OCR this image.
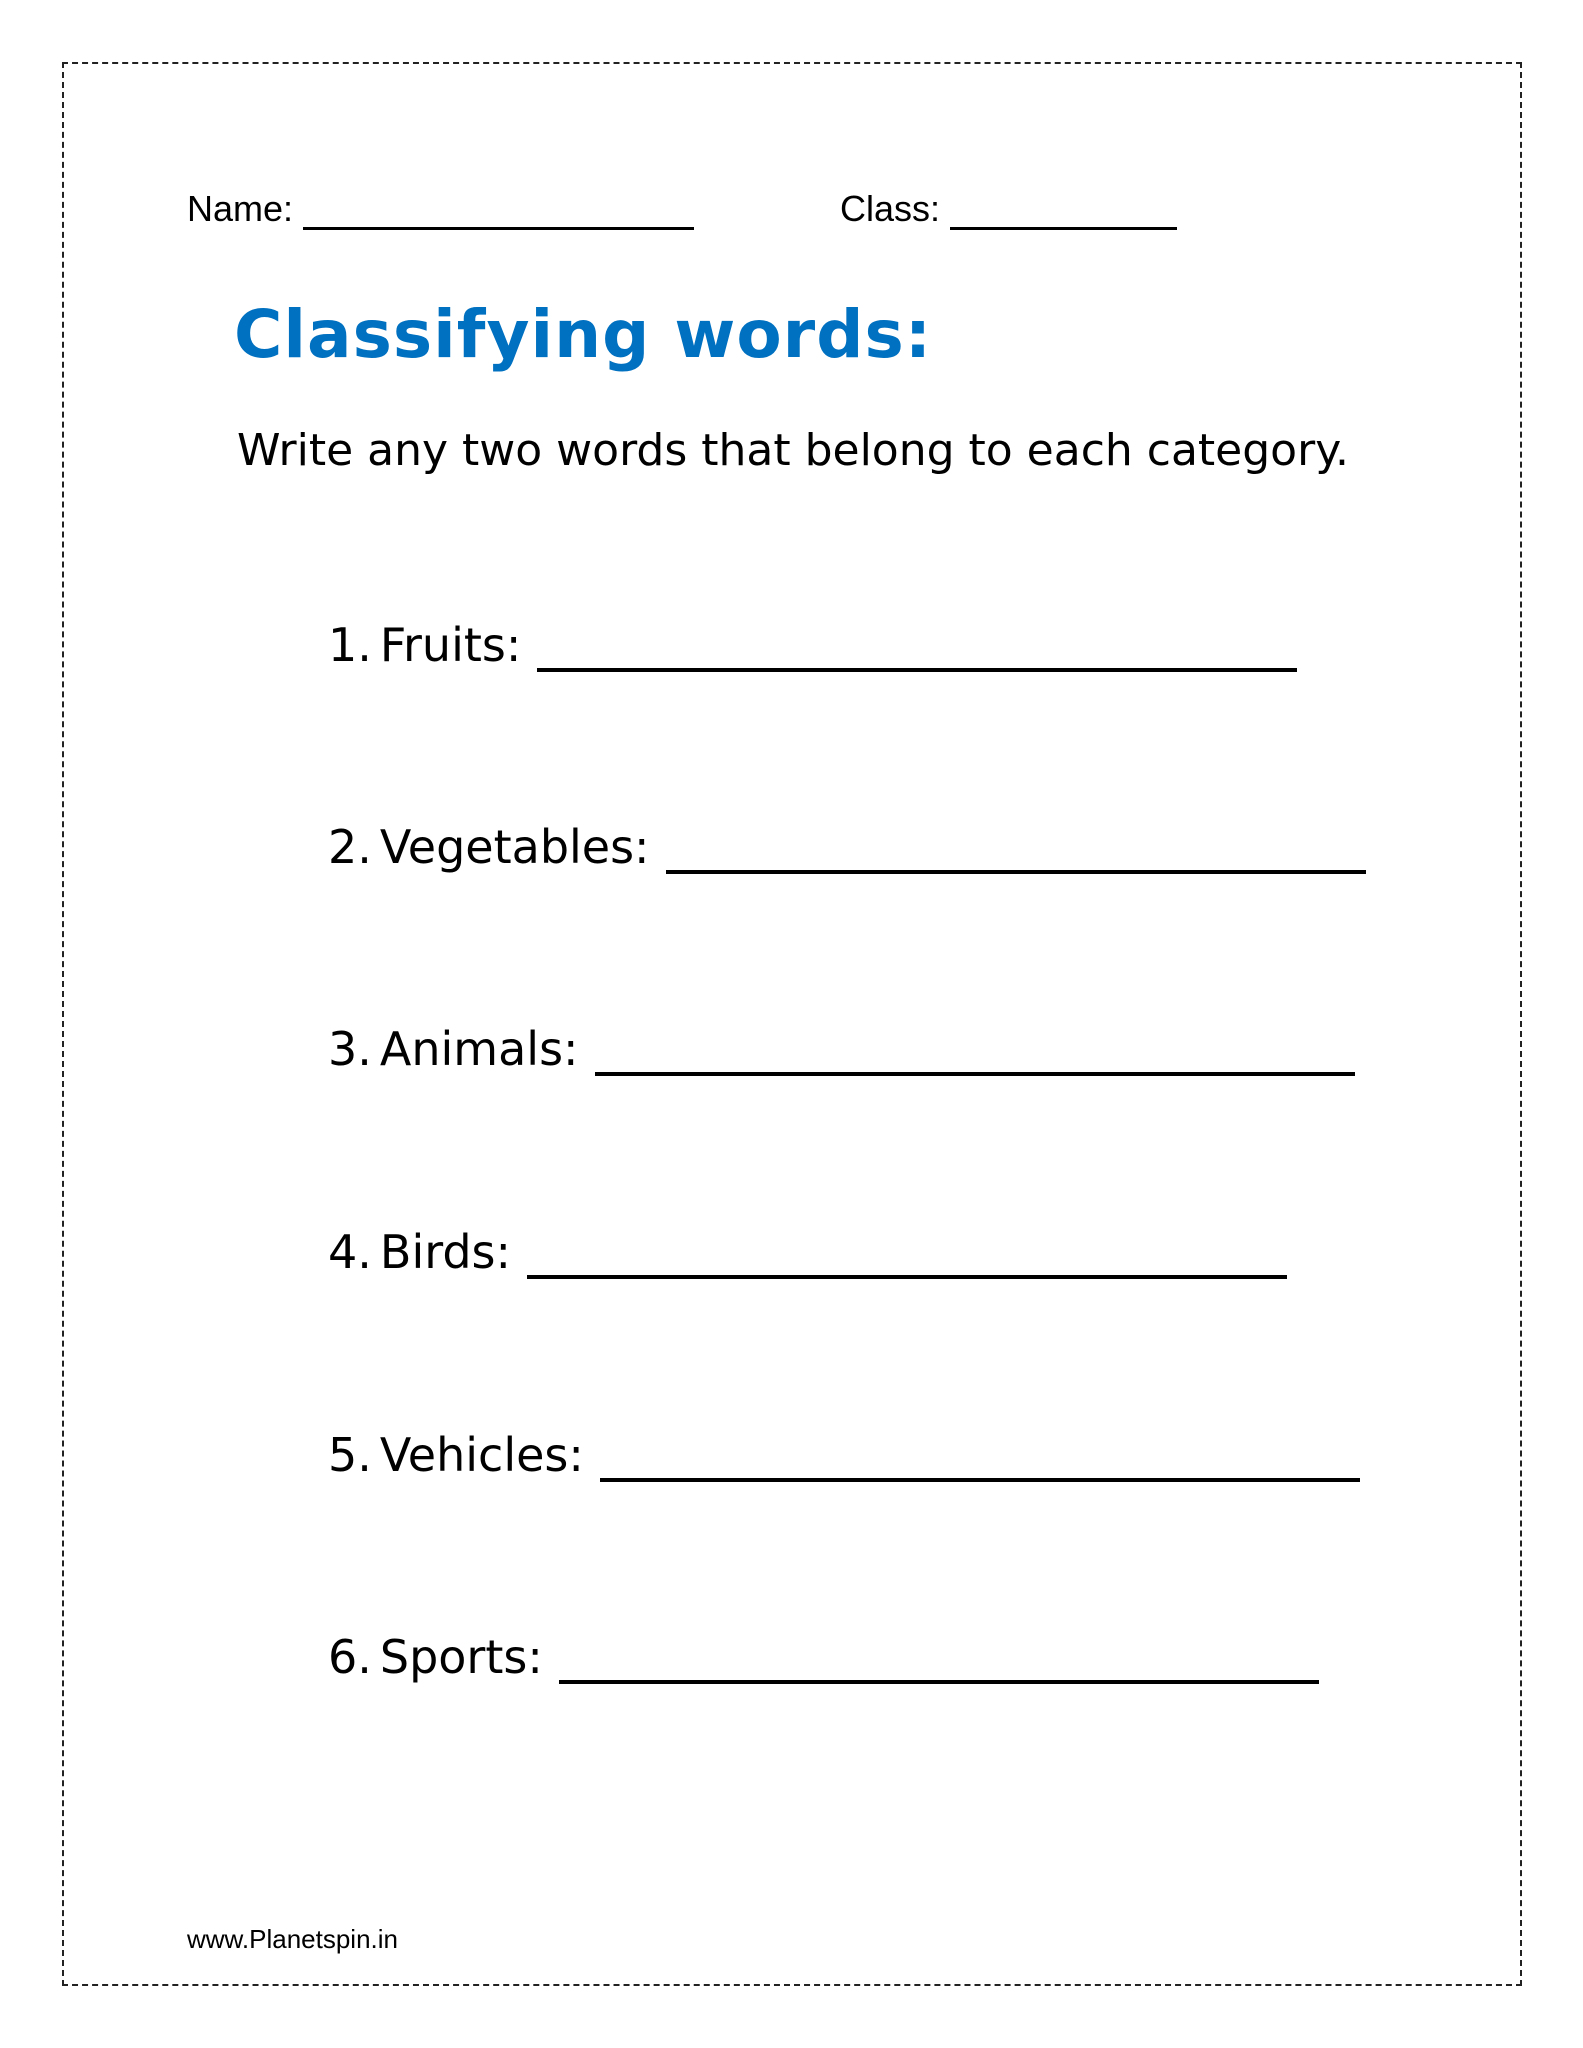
Name:	Class:
Classifying words:
Write any two words that belong to each category.
1. Fruits:
2. Vegetables:
3. Animals:
4. Birds:
5. Vehicles:
6. Sports:
www.Planetspin.in
